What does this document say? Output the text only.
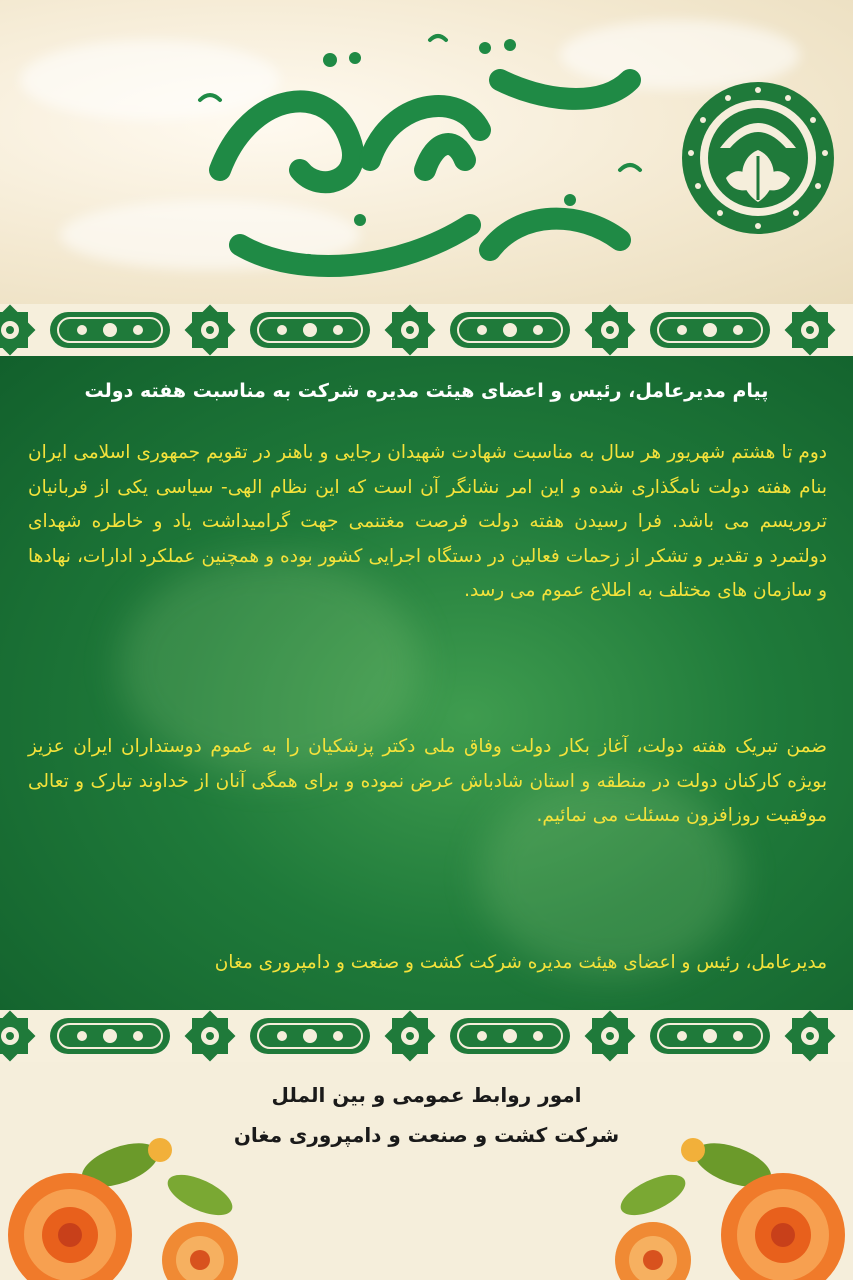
پیام مدیرعامل، رئیس و اعضای هیئت مدیره شرکت به مناسبت هفته دولت

دوم تا هشتم شهریور هر سال به مناسبت شهادت شهیدان رجایی و باهنر در تقویم جمهوری اسلامی ایران بنام هفته دولت نامگذاری شده و این امر نشانگر آن است که این نظام الهی- سیاسی یکی از قربانیان تروریسم می باشد. فرا رسیدن هفته دولت فرصت مغتنمی جهت گرامیداشت یاد و خاطره شهدای دولتمرد و تقدیر و تشکر از زحمات فعالین در دستگاه اجرایی کشور بوده و همچنین عملکرد ادارات، نهادها و سازمان های مختلف به اطلاع عموم می رسد.

ضمن تبریک هفته دولت، آغاز بکار دولت وفاق ملی دکتر پزشکیان را به عموم دوستداران ایران عزیز بویژه کارکنان دولت در منطقه و استان شادباش عرض نموده و برای همگی آنان از خداوند تبارک و تعالی موفقیت روزافزون مسئلت می نمائیم.

مدیرعامل، رئیس و اعضای هیئت مدیره شرکت کشت و صنعت و دامپروری مغان

امور روابط عمومی و بین الملل
شرکت کشت و صنعت و دامپروری مغان
